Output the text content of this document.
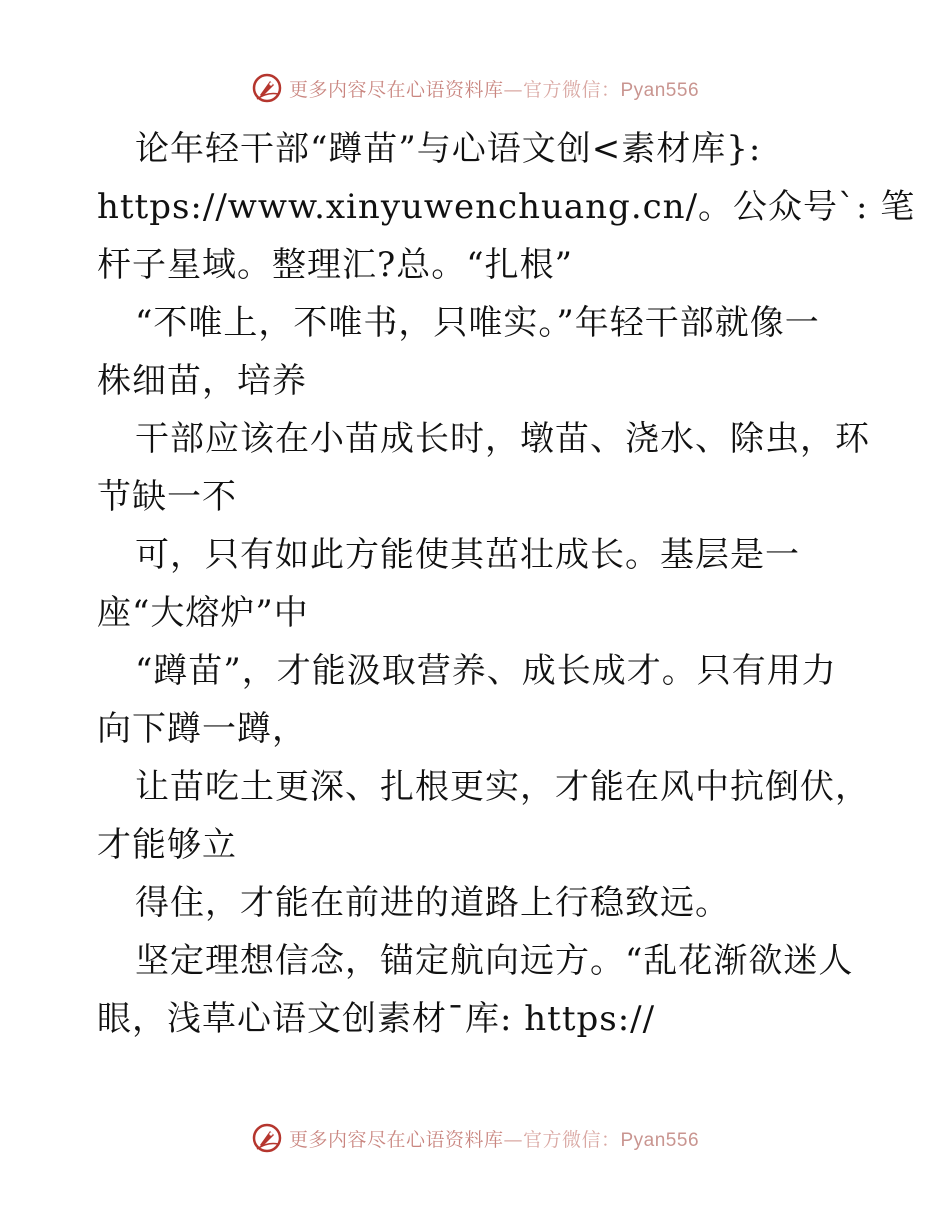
更多内容尽在心语资料库—官方微信：Pyan556
论年轻干部“蹲苗”与心语文创<素材库}:
https://www.xinyuwenchuang.cn/。公众号`: 笔
杆子星域。整理汇?总。“扎根”
“不唯上，不唯书，只唯实。”年轻干部就像一
株细苗，培养
干部应该在小苗成长时，墩苗、浇水、除虫，环
节缺一不
可，只有如此方能使其茁壮成长。基层是一
座“大熔炉”中
“蹲苗”，才能汲取营养、成长成才。只有用力
向下蹲一蹲，
让苗吃土更深、扎根更实，才能在风中抗倒伏，
才能够立
得住，才能在前进的道路上行稳致远。
坚定理想信念，锚定航向远方。“乱花渐欲迷人
眼，浅草心语文创素材¯库: https://
更多内容尽在心语资料库—官方微信：Pyan556
